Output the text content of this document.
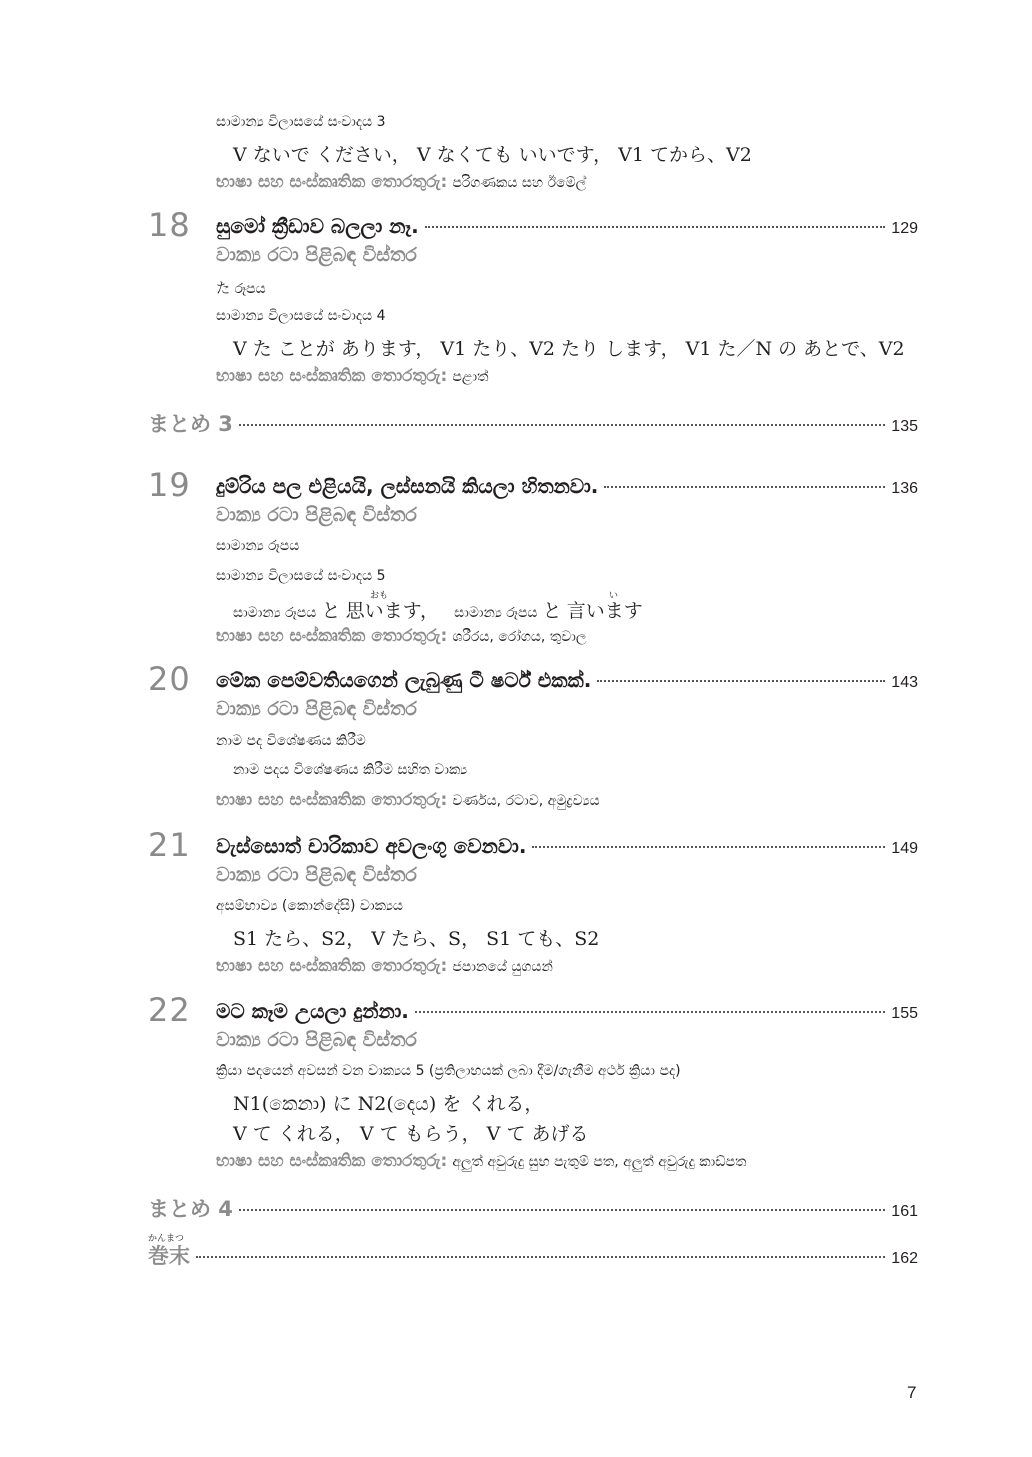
සාමාන්‍ය විලාසයේ සංවාදය 3
V ないで ください， V なくても いいです， V1 てから、V2
භාෂා සහ සංස්කෘතික තොරතුරු: පරිගණකය සහ ඊමේල්
18 සුමෝ ක්‍රීඩාව බලලා නෑ.	129
වාක්‍ය රටා පිළිබඳ විස්තර
た රූපය
සාමාන්‍ය විලාසයේ සංවාදය 4
V た ことが あります， V1 たり、V2 たり します， V1 た／N の あとで、V2
භාෂා සහ සංස්කෘතික තොරතුරු: පළාත්
まとめ 3	135
19 දුම්රිය පල එළියයි, ලස්සනයි කියලා හිතනවා.	136
වාක්‍ය රටා පිළිබඳ විස්තර
සාමාන්‍ය රූපය
සාමාන්‍ය විලාසයේ සංවාදය 5
සාමාන්‍ය රූපය と 思います， සාමාන්‍ය රූපය と 言います
おも	い
භාෂා සහ සංස්කෘතික තොරතුරු: ශරීරය, රෝගය, තුවාල
20 මේක පෙම්වතියගෙන් ලැබුණු ටී ෂර්ට් එකක්.	143
වාක්‍ය රටා පිළිබඳ විස්තර
නාම පද විශේෂණය කිරීම
නාම පදය විශේෂණය කිරීම සහිත වාක්‍ය
භාෂා සහ සංස්කෘතික තොරතුරු: වර්ණය, රටාව, අමුද්‍රව්‍යය
21 වැස්සොත් චාරිකාව අවලංගු වෙනවා.	149
වාක්‍ය රටා පිළිබඳ විස්තර
අසම්භාව්‍ය (කොන්දේසි) වාක්‍යය
S1 たら、S2， V たら、S， S1 ても、S2
භාෂා සහ සංස්කෘතික තොරතුරු: ජපානයේ යුගයන්
22 මට කෑම උයලා දුන්නා.	155
වාක්‍ය රටා පිළිබඳ විස්තර
ක්‍රියා පදයෙන් අවසන් වන වාක්‍යය 5 (ප්‍රතිලාභයක් ලබා දීම/ගැනීම අර්ථ ක්‍රියා පද)
N1(කෙනා) に N2(දෙය) を くれる，
V て くれる， V て もらう， V て あげる
භාෂා සහ සංස්කෘතික තොරතුරු: අලුත් අවුරුදු සුභ පැතුම් පත, අලුත් අවුරුදු කාඩ්පත
まとめ 4	161
かんまつ
巻末	162
7
